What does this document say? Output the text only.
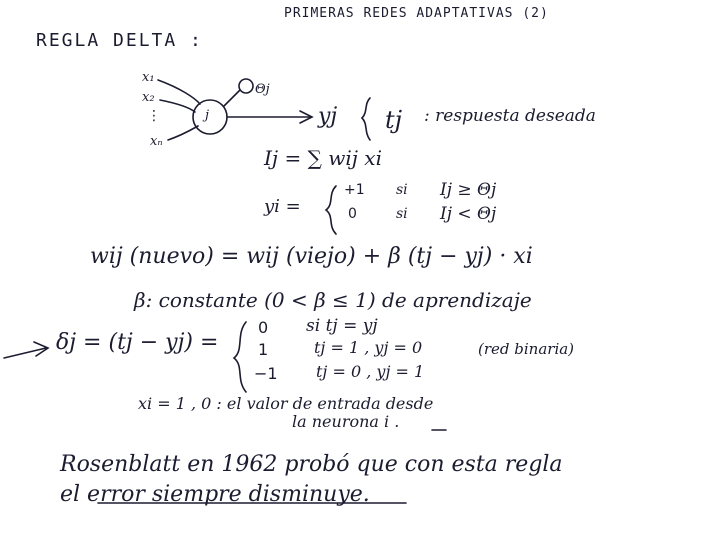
PRIMERAS REDES ADAPTATIVAS (2)
REGLA DELTA :
x₁
x₂
⋮
xₙ
j
Θj
yj tj : respuesta deseada
Ij = ∑ wij xi
yi =
+1 si Ij ≥ Θj
0	si Ij < Θj
wij (nuevo) = wij (viejo) + β (tj − yj) · xi
β: constante (0 < β ≤ 1) de aprendizaje
δj = (tj − yj) =
0 si tj = yj
1	tj = 1 , yj = 0
−1 tj = 0 , yj = 1
(red binaria)
xi = 1 , 0 : el valor de entrada desde
la neurona i .
Rosenblatt en 1962 probó que con esta regla
el error siempre disminuye.
